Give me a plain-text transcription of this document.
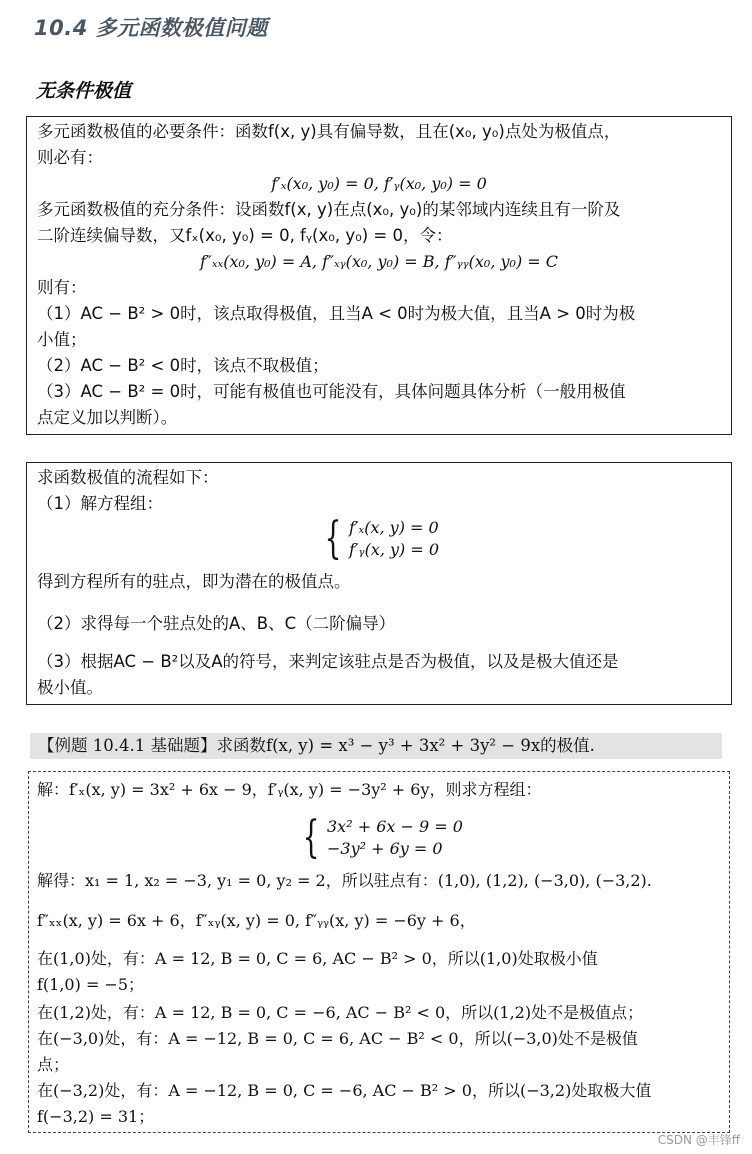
10.4 多元函数极值问题
无条件极值
多元函数极值的必要条件：函数f(x, y)具有偏导数，且在(x₀, y₀)点处为极值点，
则必有：
f′ₓ(x₀, y₀) = 0, f′ᵧ(x₀, y₀) = 0
多元函数极值的充分条件：设函数f(x, y)在点(x₀, y₀)的某邻域内连续且有一阶及
二阶连续偏导数，又fₓ(x₀, y₀) = 0, fᵧ(x₀, y₀) = 0，令：
f″ₓₓ(x₀, y₀) = A, f″ₓᵧ(x₀, y₀) = B, f″ᵧᵧ(x₀, y₀) = C
则有：
（1）AC − B² > 0时，该点取得极值，且当A < 0时为极大值，且当A > 0时为极
小值；
（2）AC − B² < 0时，该点不取极值；
（3）AC − B² = 0时，可能有极值也可能没有，具体问题具体分析（一般用极值
点定义加以判断）。
求函数极值的流程如下：
（1）解方程组：
{ f′ₓ(x, y) = 0
f′ᵧ(x, y) = 0
得到方程所有的驻点，即为潜在的极值点。
（2）求得每一个驻点处的A、B、C（二阶偏导）
（3）根据AC − B²以及A的符号，来判定该驻点是否为极值，以及是极大值还是
极小值。
【例题 10.4.1 基础题】求函数f(x, y) = x³ − y³ + 3x² + 3y² − 9x的极值.
解：f′ₓ(x, y) = 3x² + 6x − 9，f′ᵧ(x, y) = −3y² + 6y，则求方程组：
{ 3x² + 6x − 9 = 0
−3y² + 6y = 0
解得：x₁ = 1, x₂ = −3, y₁ = 0, y₂ = 2，所以驻点有：(1,0), (1,2), (−3,0), (−3,2).
f″ₓₓ(x, y) = 6x + 6，f″ₓᵧ(x, y) = 0, f″ᵧᵧ(x, y) = −6y + 6，
在(1,0)处，有：A = 12, B = 0, C = 6, AC − B² > 0，所以(1,0)处取极小值
f(1,0) = −5；
在(1,2)处，有：A = 12, B = 0, C = −6, AC − B² < 0，所以(1,2)处不是极值点；
在(−3,0)处，有：A = −12, B = 0, C = 6, AC − B² < 0，所以(−3,0)处不是极值
点；
在(−3,2)处，有：A = −12, B = 0, C = −6, AC − B² > 0，所以(−3,2)处取极大值
f(−3,2) = 31；
CSDN @丰锋ff
